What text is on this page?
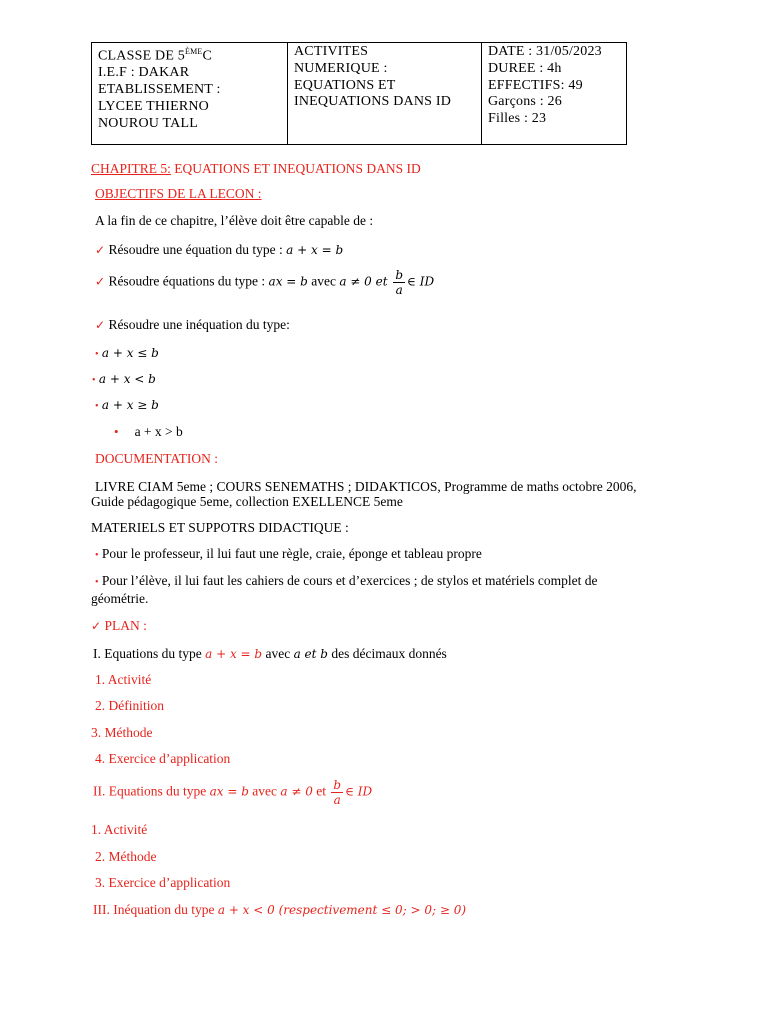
CLASSE DE 5ÈMEC
I.E.F : DAKAR
ETABLISSEMENT :
LYCEE THIERNO
NOUROU TALL

ACTIVITES
NUMERIQUE :
EQUATIONS ET
INEQUATIONS DANS ID

DATE : 31/05/2023
DUREE : 4h
EFFECTIFS: 49
Garçons : 26
Filles : 23
CHAPITRE 5: EQUATIONS ET INEQUATIONS DANS ID
OBJECTIFS DE LA LECON :
A la fin de ce chapitre, l’élève doit être capable de :
✓ Résoudre une équation du type : a + x = b
✓ Résoudre équations du type : ax = b avec a ≠ 0 et $\frac{b}{a}$ ∈ ID
✓ Résoudre une inéquation du type:
• a + x ≤ b
• a + x < b
• a + x ≥ b
• a + x > b
DOCUMENTATION :
LIVRE CIAM 5eme ; COURS SENEMATHS ; DIDAKTICOS, Programme de maths octobre 2006,
Guide pédagogique 5eme, collection EXELLENCE 5eme
MATERIELS ET SUPPOTRS DIDACTIQUE :
• Pour le professeur, il lui faut une règle, craie, éponge et tableau propre
• Pour l’élève, il lui faut les cahiers de cours et d’exercices ; de stylos et matériels complet de
géométrie.
✓ PLAN :
I. Equations du type a + x = b avec a et b des décimaux donnés
1. Activité
2. Définition
3. Méthode
4. Exercice d’application
II. Equations du type ax = b avec a ≠ 0 et $\frac{b}{a}$ ∈ ID
1. Activité
2. Méthode
3. Exercice d’application
III. Inéquation du type a + x < 0 (respectivement ≤ 0; > 0; ≥ 0)
